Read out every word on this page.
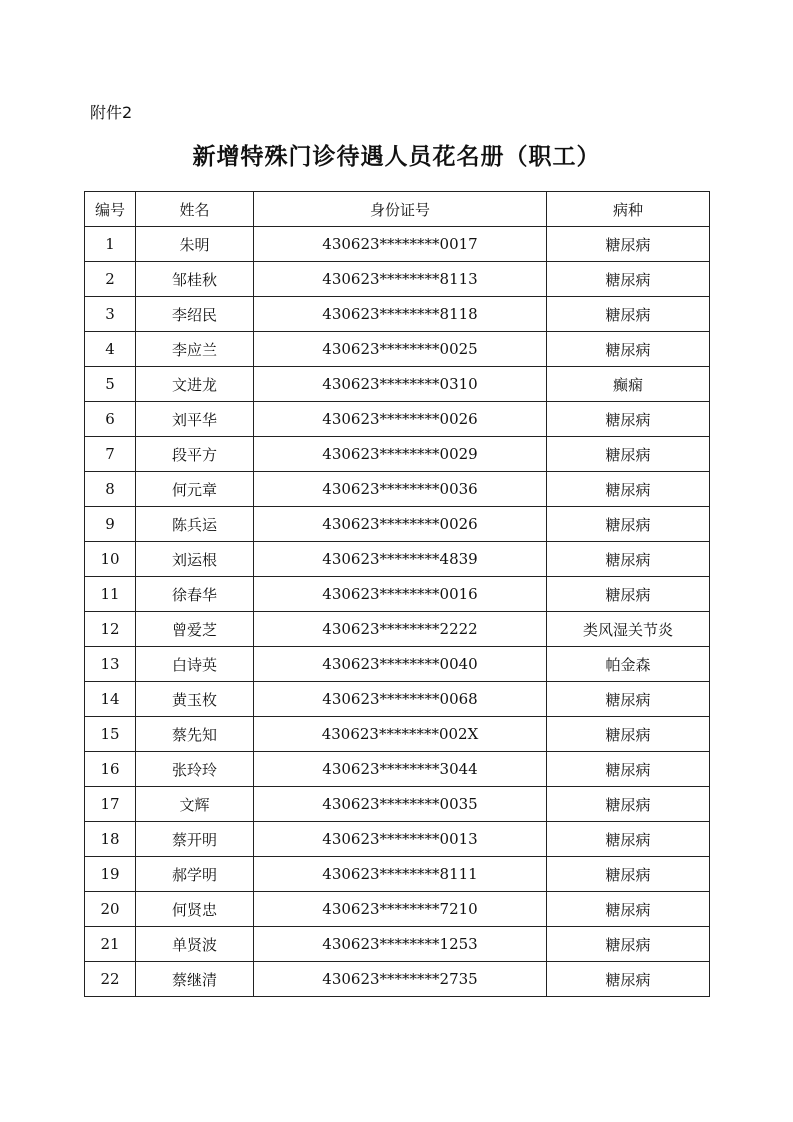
附件2
新增特殊门诊待遇人员花名册（职工）
编号	姓名	身份证号	病种
1	朱明	430623********0017	糖尿病
2	邹桂秋	430623********8113	糖尿病
3	李绍民	430623********8118	糖尿病
4	李应兰	430623********0025	糖尿病
5	文进龙	430623********0310	癫痫
6	刘平华	430623********0026	糖尿病
7	段平方	430623********0029	糖尿病
8	何元章	430623********0036	糖尿病
9	陈兵运	430623********0026	糖尿病
10	刘运根	430623********4839	糖尿病
11	徐春华	430623********0016	糖尿病
12	曾爱芝	430623********2222	类风湿关节炎
13	白诗英	430623********0040	帕金森
14	黄玉枚	430623********0068	糖尿病
15	蔡先知	430623********002X	糖尿病
16	张玲玲	430623********3044	糖尿病
17	文辉	430623********0035	糖尿病
18	蔡开明	430623********0013	糖尿病
19	郝学明	430623********8111	糖尿病
20	何贤忠	430623********7210	糖尿病
21	单贤波	430623********1253	糖尿病
22	蔡继清	430623********2735	糖尿病
